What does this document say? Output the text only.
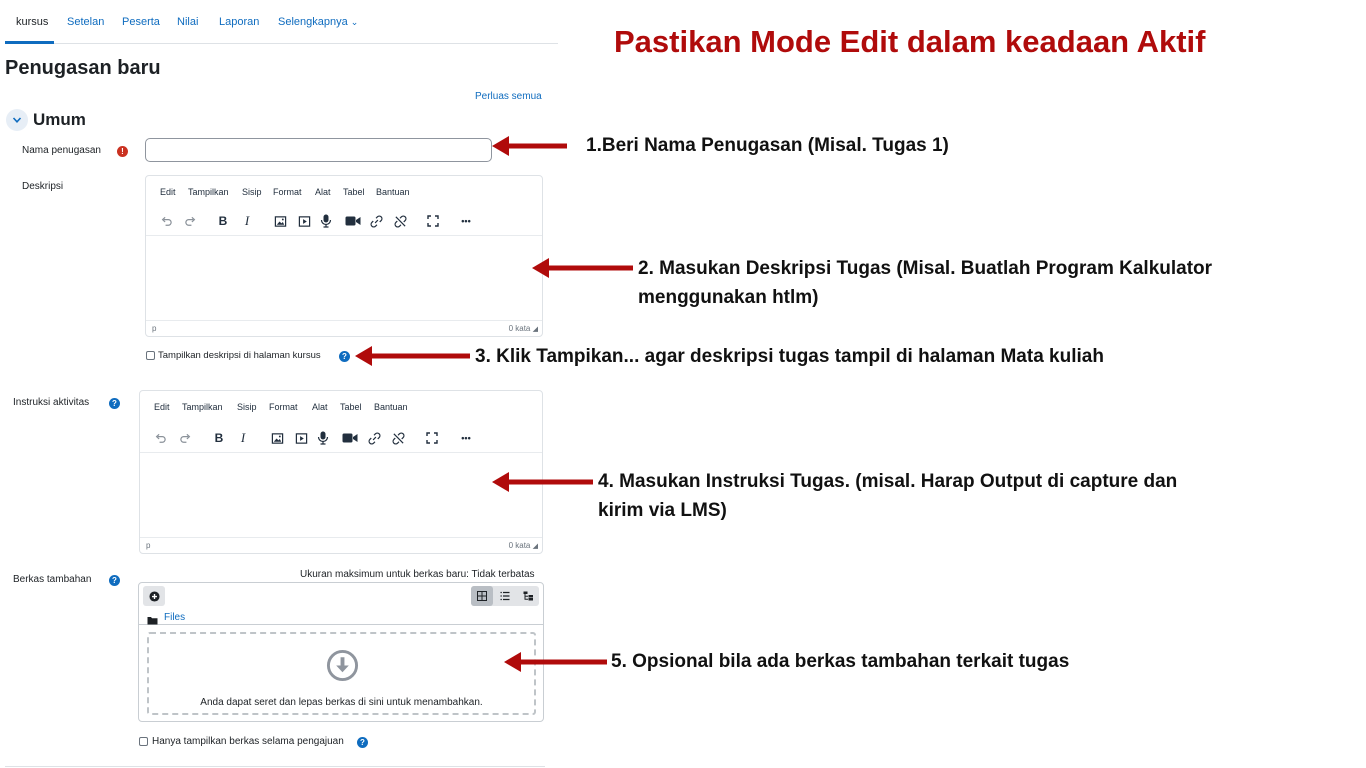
kursus Setelan Peserta Nilai Laporan Selengkapnya ⌄
Penugasan baru
Perluas semua
Umum
Nama penugasan	!
Deskripsi	Edit Tampilkan Sisip Format Alat Tabel Bantuan
B	I	•••
p	0 kata ◢
Tampilkan deskripsi di halaman kursus	?
Instruksi aktivitas	?	Edit Tampilkan Sisip Format Alat Tabel Bantuan
B	I	•••
p	0 kata ◢
Berkas tambahan	?
Ukuran maksimum untuk berkas baru: Tidak terbatas
Files
Anda dapat seret dan lepas berkas di sini untuk menambahkan.
Hanya tampilkan berkas selama pengajuan	?
Pastikan Mode Edit dalam keadaan Aktif
1.Beri Nama Penugasan (Misal. Tugas 1)
2. Masukan Deskripsi Tugas (Misal. Buatlah Program Kalkulator
menggunakan htlm)
3. Klik Tampikan... agar deskripsi tugas tampil di halaman Mata kuliah
4. Masukan Instruksi Tugas. (misal. Harap Output di capture dan
kirim via LMS)
5. Opsional bila ada berkas tambahan terkait tugas
